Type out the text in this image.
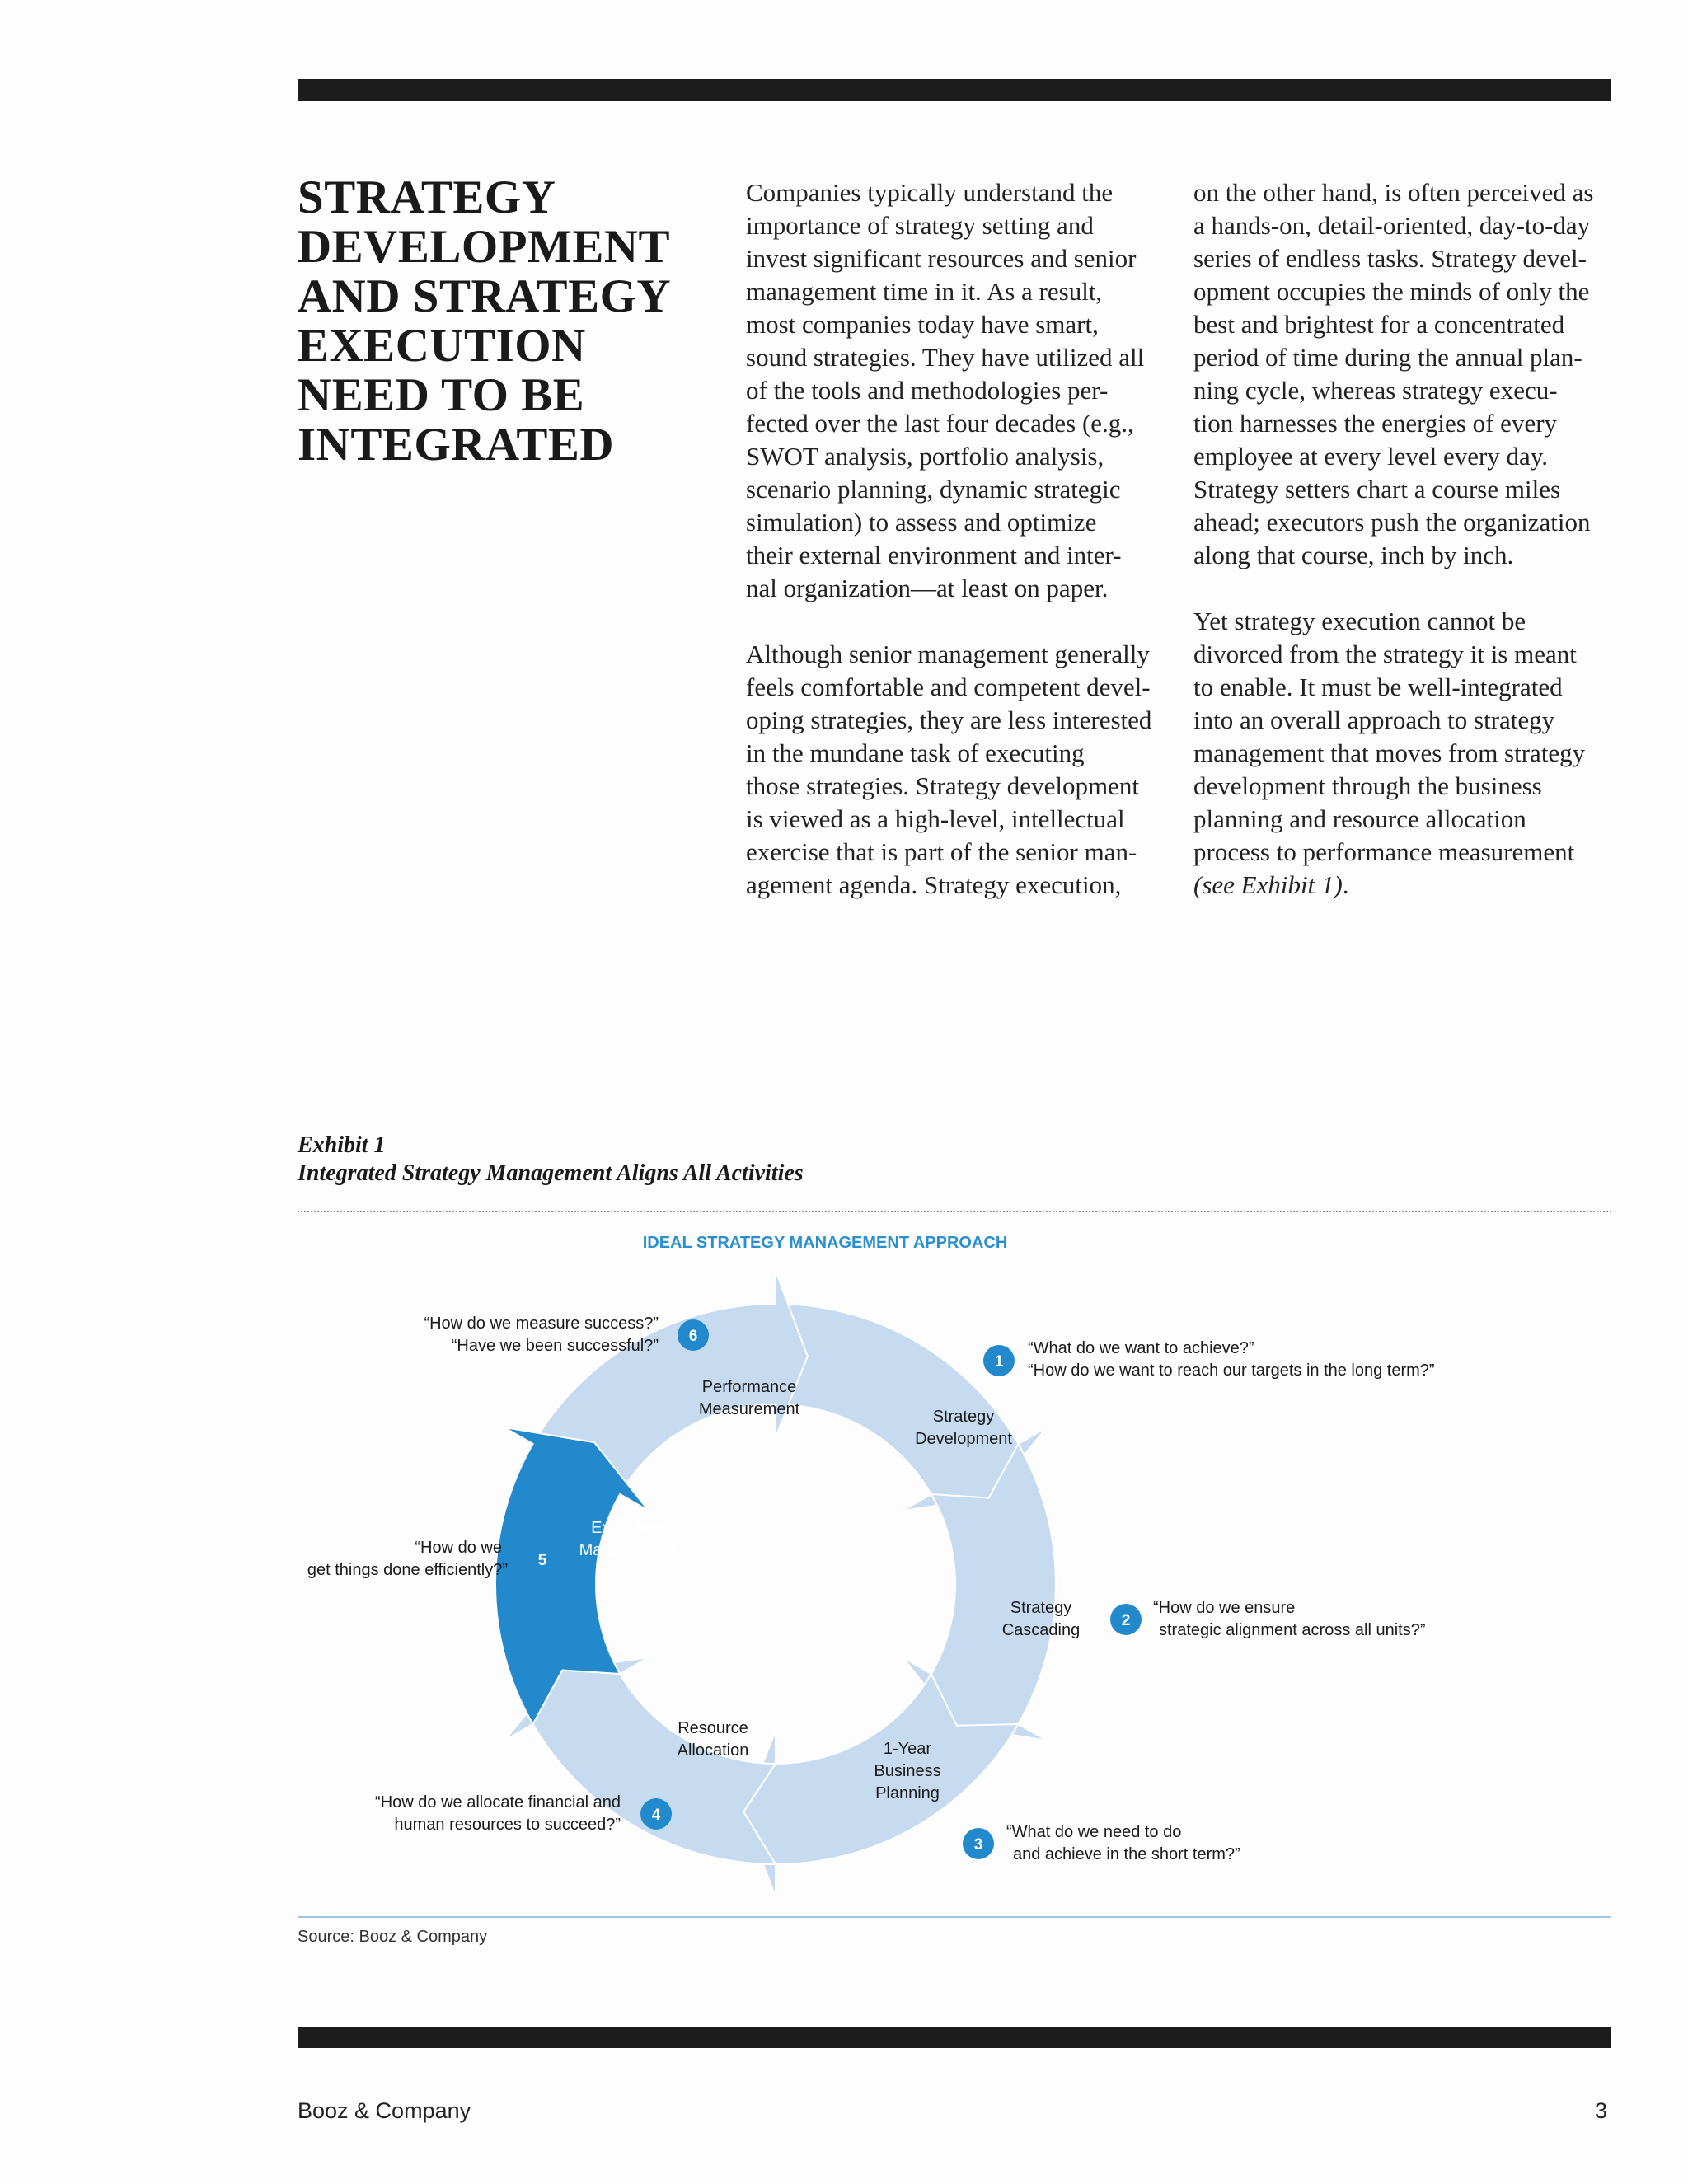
STRATEGY
DEVELOPMENT
AND STRATEGY
EXECUTION
NEED TO BE
INTEGRATED

Companies typically understand the
importance of strategy setting and
invest significant resources and senior
management time in it. As a result,
most companies today have smart,
sound strategies. They have utilized all
of the tools and methodologies per-
fected over the last four decades (e.g.,
SWOT analysis, portfolio analysis,
scenario planning, dynamic strategic
simulation) to assess and optimize
their external environment and inter-
nal organization—at least on paper.

Although senior management generally
feels comfortable and competent devel-
oping strategies, they are less interested
in the mundane task of executing
those strategies. Strategy development
is viewed as a high-level, intellectual
exercise that is part of the senior man-
agement agenda. Strategy execution,

on the other hand, is often perceived as
a hands-on, detail-oriented, day-to-day
series of endless tasks. Strategy devel-
opment occupies the minds of only the
best and brightest for a concentrated
period of time during the annual plan-
ning cycle, whereas strategy execu-
tion harnesses the energies of every
employee at every level every day.
Strategy setters chart a course miles
ahead; executors push the organization
along that course, inch by inch.

Yet strategy execution cannot be
divorced from the strategy it is meant
to enable. It must be well-integrated
into an overall approach to strategy
management that moves from strategy
development through the business
planning and resource allocation
process to performance measurement
(see Exhibit 1).

Exhibit 1
Integrated Strategy Management Aligns All Activities
IDEAL STRATEGY MANAGEMENT APPROACH
Strategy
Development
1
“What do we want to achieve?”
“How do we want to reach our targets in the long term?”
Strategy
Cascading
2
“How do we ensure
strategic alignment across all units?”
1-Year
Business
Planning
3
“What do we need to do
and achieve in the short term?”
Resource
Allocation
4
“How do we allocate financial and
human resources to succeed?”
Execution
Management
5
“How do we
get things done efficiently?”
Performance
Measurement
6
“How do we measure success?”
“Have we been successful?”
Source: Booz & Company
Booz & Company	3
